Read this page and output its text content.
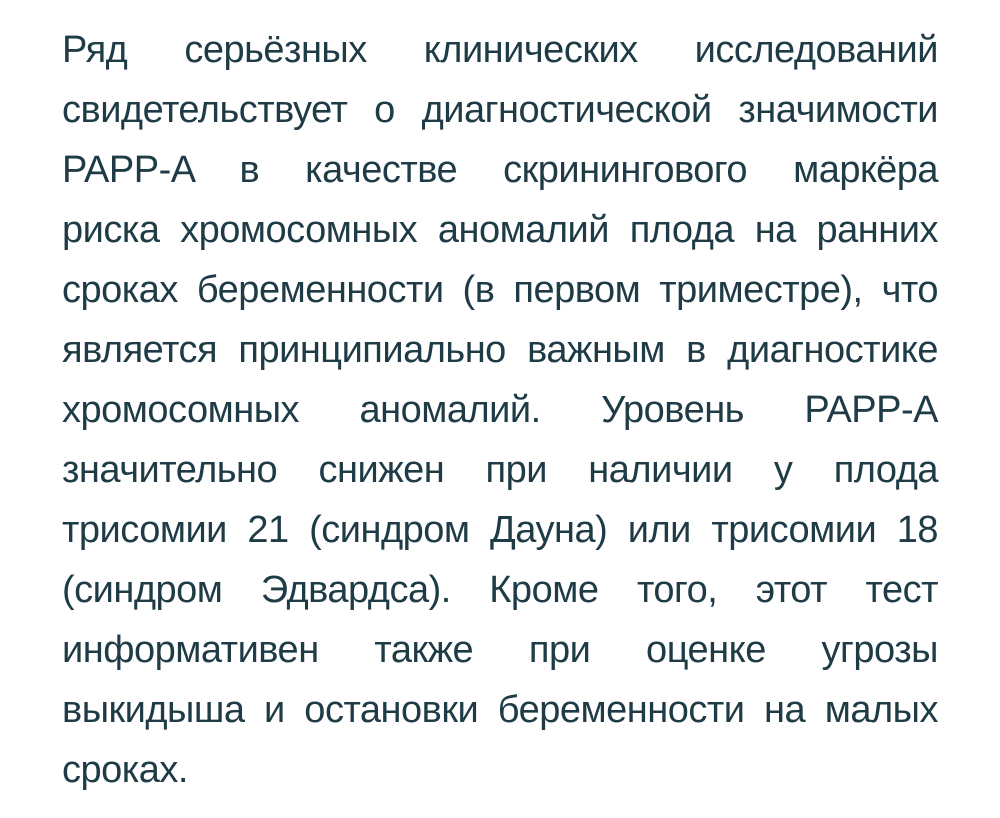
Ряд серьёзных клинических исследований
свидетельствует о диагностической значимости
PAPP-A в качестве скринингового маркёра
риска хромосомных аномалий плода на ранних
сроках беременности (в первом триместре), что
является принципиально важным в диагностике
хромосомных аномалий. Уровень PAPP-A
значительно снижен при наличии у плода
трисомии 21 (синдром Дауна) или трисомии 18
(синдром Эдвардса). Кроме того, этот тест
информативен также при оценке угрозы
выкидыша и остановки беременности на малых
сроках.
